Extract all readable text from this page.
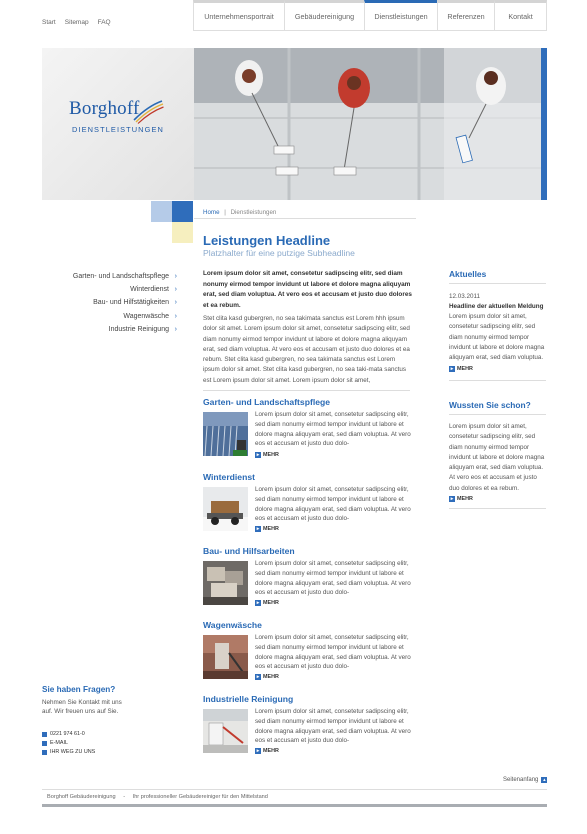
Start Sitemap FAQ
Unternehmensportrait	Gebäudereinigung	Dienstleistungen	Referenzen	Kontakt
Borghoff
DIENSTLEISTUNGEN
Home | Dienstleistungen
Leistungen Headline
Platzhalter für eine putzige Subheadline
Garten- und Landschaftspflege ›
Winterdienst ›
Bau- und Hilfstätigkeiten ›
Wagenwäsche ›
Industrie Reinigung ›
Lorem ipsum dolor sit amet, consetetur sadipscing elitr, sed diam nonumy eirmod tempor invidunt ut labore et dolore magna aliquyam erat, sed diam voluptua. At vero eos et accusam et justo duo dolores et ea rebum.
Stet clita kasd gubergren, no sea takimata sanctus est Lorem hhh ipsum dolor sit amet. Lorem ipsum dolor sit amet, consetetur sadipscing elitr, sed diam nonumy eirmod tempor invidunt ut labore et dolore magna aliquyam erat, sed diam voluptua. At vero eos et accusam et justo duo dolores et ea rebum. Stet clita kasd gubergren, no sea takimata sanctus est Lorem ipsum dolor sit amet. Stet clita kasd gubergren, no sea taki-mata sanctus est Lorem ipsum dolor sit amet. Lorem ipsum dolor sit amet,
Garten- und Landschaftspflege
Lorem ipsum dolor sit amet, consetetur sadipscing elitr, sed diam nonumy eirmod tempor invidunt ut labore et dolore magna aliquyam erat, sed diam voluptua. At vero eos et accusam et justo duo dolo-
▸ MEHR
Winterdienst
Lorem ipsum dolor sit amet, consetetur sadipscing elitr, sed diam nonumy eirmod tempor invidunt ut labore et dolore magna aliquyam erat, sed diam voluptua. At vero eos et accusam et justo duo dolo-
▸ MEHR
Bau- und Hilfsarbeiten
Lorem ipsum dolor sit amet, consetetur sadipscing elitr, sed diam nonumy eirmod tempor invidunt ut labore et dolore magna aliquyam erat, sed diam voluptua. At vero eos et accusam et justo duo dolo-
▸ MEHR
Wagenwäsche
Lorem ipsum dolor sit amet, consetetur sadipscing elitr, sed diam nonumy eirmod tempor invidunt ut labore et dolore magna aliquyam erat, sed diam voluptua. At vero eos et accusam et justo duo dolo-
▸ MEHR
Industrielle Reinigung
Lorem ipsum dolor sit amet, consetetur sadipscing elitr, sed diam nonumy eirmod tempor invidunt ut labore et dolore magna aliquyam erat, sed diam voluptua. At vero eos et accusam et justo duo dolo-
▸ MEHR
Aktuelles
12.03.2011
Headline der aktuellen Meldung
Lorem ipsum dolor sit amet, consetetur sadipscing elitr, sed diam nonumy eirmod tempor invidunt ut labore et dolore magna aliquyam erat, sed diam voluptua.
▸ MEHR
Wussten Sie schon?
Lorem ipsum dolor sit amet, consetetur sadipscing elitr, sed diam nonumy eirmod tempor invidunt ut labore et dolore magna aliquyam erat, sed diam voluptua. At vero eos et accusam et justo duo dolores et ea rebum.
▸ MEHR
Sie haben Fragen?
Nehmen Sie Kontakt mit uns auf. Wir freuen uns auf Sie.
0221 974 61-0
E-MAIL
IHR WEG ZU UNS
Seitenanfang ▴
Borghoff Gebäudereinigung - Ihr professioneller Gebäudereiniger für den Mittelstand
